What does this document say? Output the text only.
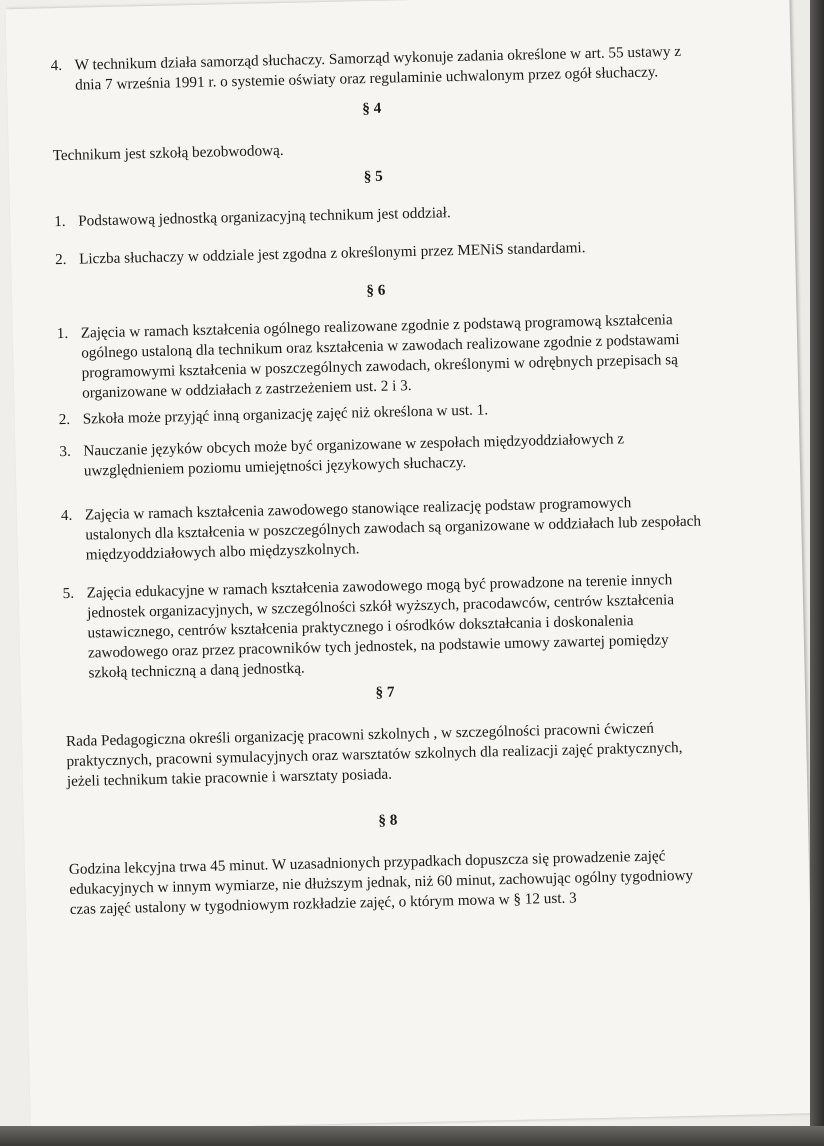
4. W technikum działa samorząd słuchaczy. Samorząd wykonuje zadania określone w art. 55 ustawy z dnia 7 września 1991 r. o systemie oświaty oraz regulaminie uchwalonym przez ogół słuchaczy.

§ 4

Technikum jest szkołą bezobwodową.

§ 5

1. Podstawową jednostką organizacyjną technikum jest oddział.
2. Liczba słuchaczy w oddziale jest zgodna z określonymi przez MENiS standardami.

§ 6

1. Zajęcia w ramach kształcenia ogólnego realizowane zgodnie z podstawą programową kształcenia ogólnego ustaloną dla technikum oraz kształcenia w zawodach realizowane zgodnie z podstawami programowymi kształcenia w poszczególnych zawodach, określonymi w odrębnych przepisach są organizowane w oddziałach z zastrzeżeniem ust. 2 i 3.
2. Szkoła może przyjąć inną organizację zajęć niż określona w ust. 1.
3. Nauczanie języków obcych może być organizowane w zespołach międzyoddziałowych z uwzględnieniem poziomu umiejętności językowych słuchaczy.
4. Zajęcia w ramach kształcenia zawodowego stanowiące realizację podstaw programowych ustalonych dla kształcenia w poszczególnych zawodach są organizowane w oddziałach lub zespołach międzyoddziałowych albo międzyszkolnych.
5. Zajęcia edukacyjne w ramach kształcenia zawodowego mogą być prowadzone na terenie innych jednostek organizacyjnych, w szczególności szkół wyższych, pracodawców, centrów kształcenia ustawicznego, centrów kształcenia praktycznego i ośrodków dokształcania i doskonalenia zawodowego oraz przez pracowników tych jednostek, na podstawie umowy zawartej pomiędzy szkołą techniczną a daną jednostką.

§ 7

Rada Pedagogiczna określi organizację pracowni szkolnych , w szczególności pracowni ćwiczeń praktycznych, pracowni symulacyjnych oraz warsztatów szkolnych dla realizacji zajęć praktycznych, jeżeli technikum takie pracownie i warsztaty posiada.

§ 8

Godzina lekcyjna trwa 45 minut. W uzasadnionych przypadkach dopuszcza się prowadzenie zajęć edukacyjnych w innym wymiarze, nie dłuższym jednak, niż 60 minut, zachowując ogólny tygodniowy czas zajęć ustalony w tygodniowym rozkładzie zajęć, o którym mowa w § 12 ust. 3
